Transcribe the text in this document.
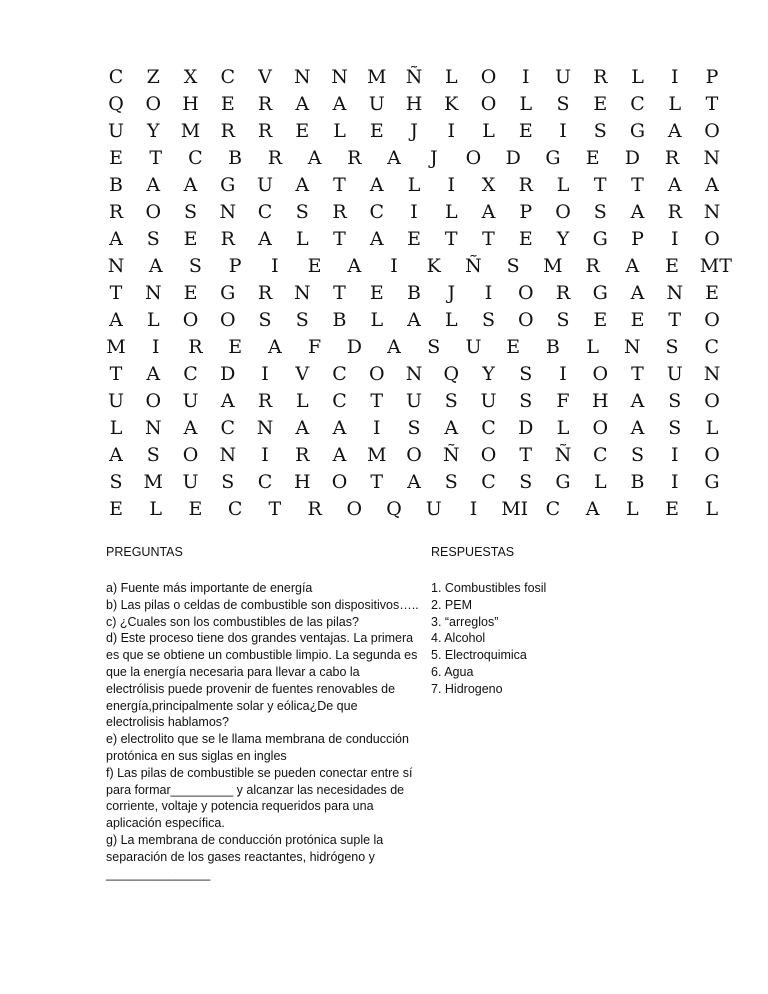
C Z X C V N N M Ñ L O	I	U R L	I	P
Q O H E R A A U H K O L S E C L T
U	Y	M R R E L E	J	I	L E	I	S G A O
E T C B R A R A	J	O D G E D R N
B A A G U A T A L	I	X R L T T A A
R O S N C S R C	I	L A P O S A R N
A S E R A L T A E T T E	Y	G P	I	O
N A S P	I	E A	I	K Ñ S M R A E MT
T N E G R N T E B	J	I	O R G A N E
A L O O S S B L A L S O S E E T O
M	I	R E A F D A S U E B L N S C
T A C D	I	V C O N Q	Y	S	I	O T U N
U O U A R L C T U S U S F H A S O
L N A C N A A	I	S A C D L O A S L
A S O N	I	R A M O Ñ O T Ñ C S	I	O
S M U S C H O T A S C S G L B	I	G
E L E C T R O Q U	I	MI C A L E L
PREGUNTAS	RESPUESTAS
a) Fuente más importante de energía
b) Las pilas o celdas de combustible son dispositivos…..
c) ¿Cuales son los combustibles de las pilas?
d) Este proceso tiene dos grandes ventajas. La primera
es que se obtiene un combustible limpio. La segunda es
que la energía necesaria para llevar a cabo la
electrólisis puede provenir de fuentes renovables de
energía,principalmente solar y eólica¿De que
electrolisis hablamos?
e) electrolito que se le llama membrana de conducción
protónica en sus siglas en ingles
f) Las pilas de combustible se pueden conectar entre sí
para formar_________ y alcanzar las necesidades de
corriente, voltaje y potencia requeridos para una
aplicación específica.
g) La membrana de conducción protónica suple la
separación de los gases reactantes, hidrógeno y
_______________
1. Combustibles fosil
2. PEM
3. “arreglos”
4. Alcohol
5. Electroquimica
6. Agua
7. Hidrogeno
